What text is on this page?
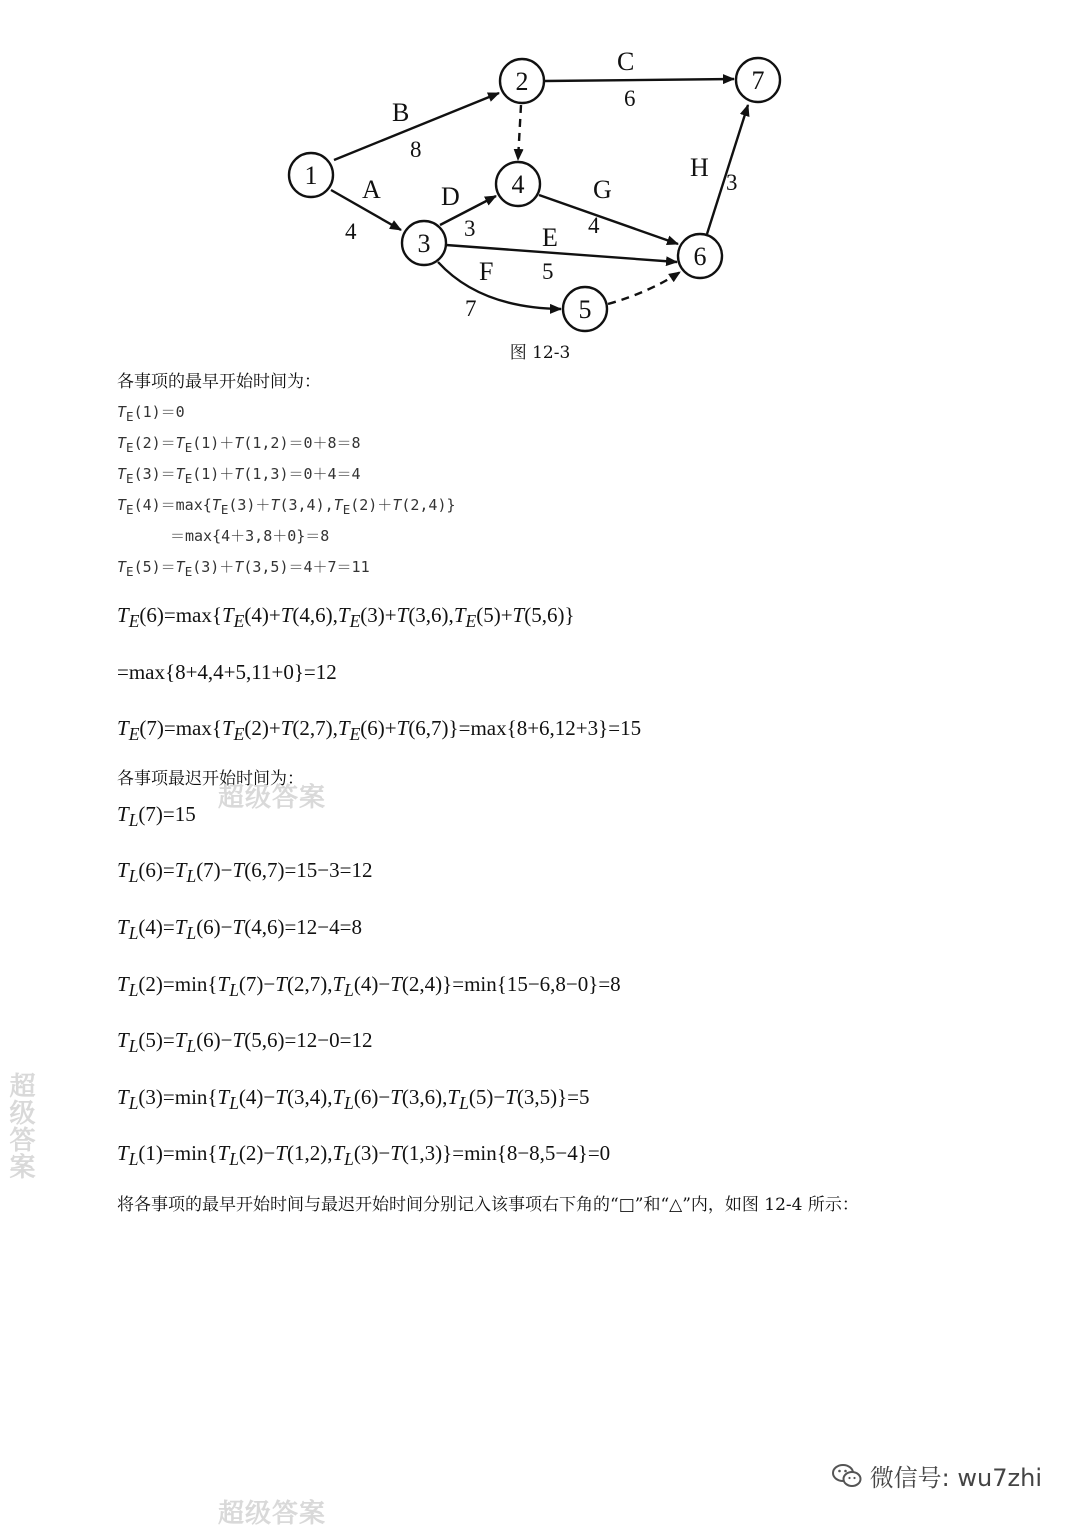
B
8
A
4
C
6
D
3	E
5
F
7
G
4
H
3
1
2
3
4
5
6
7
图 12-3
各事项的最早开始时间为：
$T_E(1)=0$
$T_E(2)=T_E(1)+T(1,2)=0+8=8$
$T_E(3)=T_E(1)+T(1,3)=0+4=4$
$T_E(4)=\max\{T_E(3)+T(3,4),T_E(2)+T(2,4)\}$
＝max{4＋3,8＋0}＝8
$T_E(5)=T_E(3)+T(3,5)=4+7=11$
$T_E(6)=\max\{T_E(4)+T(4,6),T_E(3)+T(3,6),T_E(5)+T(5,6)\}$
=max{8+4,4+5,11+0}=12
$T_E(7)=\max\{T_E(2)+T(2,7),T_E(6)+T(6,7)\}=\max\{8+6,12+3\}=15$
各事项最迟开始时间为：
$T_L(7)=15$
$T_L(6)=T_L(7)-T(6,7)=15-3=12$
$T_L(4)=T_L(6)-T(4,6)=12-4=8$
$T_L(2)=\min\{T_L(7)-T(2,7),T_L(4)-T(2,4)\}=\min\{15-6,8-0\}=8$
$T_L(5)=T_L(6)-T(5,6)=12-0=12$
$T_L(3)=\min\{T_L(4)-T(3,4),T_L(6)-T(3,6),T_L(5)-T(3,5)\}=5$
$T_L(1)=\min\{T_L(2)-T(1,2),T_L(3)-T(1,3)\}=\min\{8-8,5-4\}=0$
将各事项的最早开始时间与最迟开始时间分别记入该事项右下角的“□”和“△”内，如图 12-4 所示：
超级答案
超级答案
超级答案
微信号: wu7zhi
